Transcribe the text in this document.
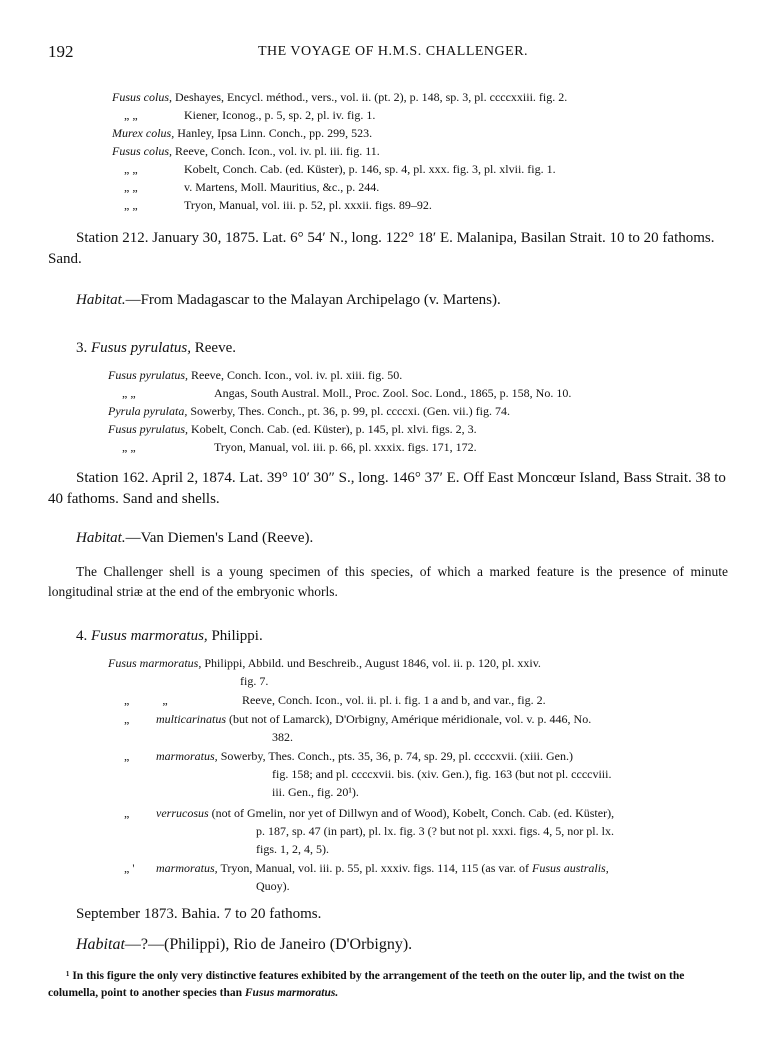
192	THE VOYAGE OF H.M.S. CHALLENGER.
Fusus colus, Deshayes, Encycl. méthod., vers., vol. ii. (pt. 2), p. 148, sp. 3, pl. ccccxxiii. fig. 2.
„ „	Kiener, Iconog., p. 5, sp. 2, pl. iv. fig. 1.
Murex colus, Hanley, Ipsa Linn. Conch., pp. 299, 523.
Fusus colus, Reeve, Conch. Icon., vol. iv. pl. iii. fig. 11.
„ „	Kobelt, Conch. Cab. (ed. Küster), p. 146, sp. 4, pl. xxx. fig. 3, pl. xlvii. fig. 1.
„ „	v. Martens, Moll. Mauritius, &c., p. 244.
„ „	Tryon, Manual, vol. iii. p. 52, pl. xxxii. figs. 89–92.

Station 212. January 30, 1875. Lat. 6° 54′ N., long. 122° 18′ E. Malanipa, Basilan Strait. 10 to 20 fathoms. Sand.

Habitat.—From Madagascar to the Malayan Archipelago (v. Martens).

3. Fusus pyrulatus, Reeve.
Fusus pyrulatus, Reeve, Conch. Icon., vol. iv. pl. xiii. fig. 50.
„ „	Angas, South Austral. Moll., Proc. Zool. Soc. Lond., 1865, p. 158, No. 10.
Pyrula pyrulata, Sowerby, Thes. Conch., pt. 36, p. 99, pl. ccccxi. (Gen. vii.) fig. 74.
Fusus pyrulatus, Kobelt, Conch. Cab. (ed. Küster), p. 145, pl. xlvi. figs. 2, 3.
„ „	Tryon, Manual, vol. iii. p. 66, pl. xxxix. figs. 171, 172.

Station 162. April 2, 1874. Lat. 39° 10′ 30″ S., long. 146° 37′ E. Off East Moncœur Island, Bass Strait. 38 to 40 fathoms. Sand and shells.

Habitat.—Van Diemen's Land (Reeve).

The Challenger shell is a young specimen of this species, of which a marked feature is the presence of minute longitudinal striæ at the end of the embryonic whorls.

4. Fusus marmoratus, Philippi.
Fusus marmoratus, Philippi, Abbild. und Beschreib., August 1846, vol. ii. p. 120, pl. xxiv.
fig. 7.
„           „	Reeve, Conch. Icon., vol. ii. pl. i. fig. 1 a and b, and var., fig. 2.
„ multicarinatus (but not of Lamarck), D'Orbigny, Amérique méridionale, vol. v. p. 446, No.
382.
„ marmoratus, Sowerby, Thes. Conch., pts. 35, 36, p. 74, sp. 29, pl. ccccxvii. (xiii. Gen.)
fig. 158; and pl. ccccxvii. bis. (xiv. Gen.), fig. 163 (but not pl. ccccviii.
iii. Gen., fig. 20¹).
„ verrucosus (not of Gmelin, nor yet of Dillwyn and of Wood), Kobelt, Conch. Cab. (ed. Küster),
p. 187, sp. 47 (in part), pl. lx. fig. 3 (? but not pl. xxxi. figs. 4, 5, nor pl. lx.
figs. 1, 2, 4, 5).
„ ' marmoratus, Tryon, Manual, vol. iii. p. 55, pl. xxxiv. figs. 114, 115 (as var. of Fusus australis,
Quoy).

September 1873. Bahia. 7 to 20 fathoms.

Habitat—?—(Philippi), Rio de Janeiro (D'Orbigny).

¹ In this figure the only very distinctive features exhibited by the arrangement of the teeth on the outer lip, and the twist on the columella, point to another species than Fusus marmoratus.
